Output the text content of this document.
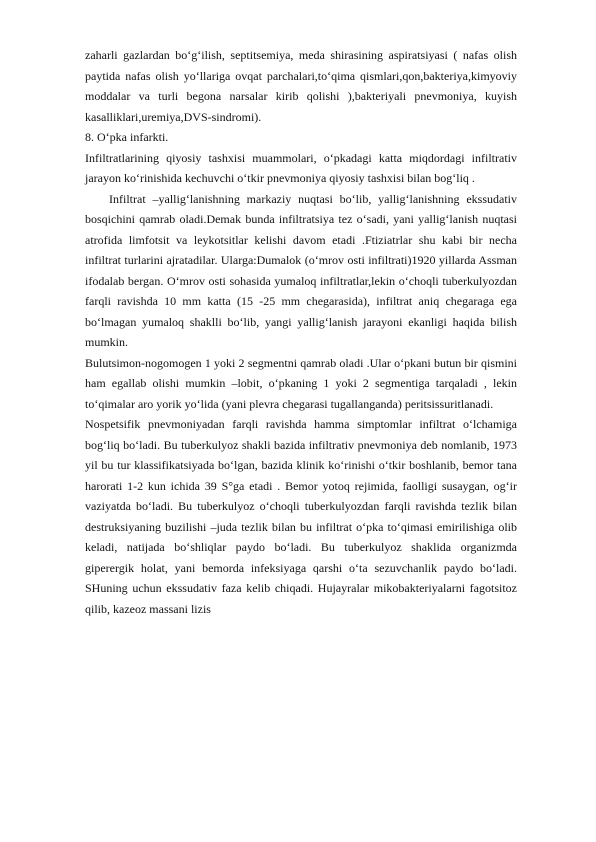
zaharli gazlardan bo‘g‘ilish, septitsemiya, meda shirasining aspiratsiyasi ( nafas olish paytida nafas olish yo‘llariga ovqat parchalari,to‘qima qismlari,qon,bakteriya,kimyoviy moddalar va turli begona narsalar kirib qolishi ),bakteriyali pnevmoniya, kuyish kasalliklari,uremiya,DVS-sindromi).

8. O‘pka infarkti.

Infiltratlarining qiyosiy tashxisi muammolari, o‘pkadagi katta miqdordagi infiltrativ jarayon ko‘rinishida kechuvchi o‘tkir pnevmoniya qiyosiy tashxisi bilan bog‘liq .

Infiltrat –yallig‘lanishning markaziy nuqtasi bo‘lib, yallig‘lanishning ekssudativ bosqichini qamrab oladi.Demak bunda infiltratsiya tez o‘sadi, yani yallig‘lanish nuqtasi atrofida limfotsit va leykotsitlar kelishi davom etadi .Ftiziatrlar shu kabi bir necha infiltrat turlarini ajratadilar. Ularga:Dumalok (o‘mrov osti infiltrati)1920 yillarda Assman ifodalab bergan. O‘mrov osti sohasida yumaloq infiltratlar,lekin o‘choqli tuberkulyozdan farqli ravishda 10 mm katta (15 -25 mm chegarasida), infiltrat aniq chegaraga ega bo‘lmagan yumaloq shaklli bo‘lib, yangi yallig‘lanish jarayoni ekanligi haqida bilish mumkin.

Bulutsimon-nogomogen 1 yoki 2 segmentni qamrab oladi .Ular o‘pkani butun bir qismini ham egallab olishi mumkin –lobit, o‘pkaning 1 yoki 2 segmentiga tarqaladi , lekin to‘qimalar aro yorik yo‘lida (yani plevra chegarasi tugallanganda) peritsissuritlanadi.

Nospetsifik pnevmoniyadan farqli ravishda hamma simptomlar infiltrat o‘lchamiga bog‘liq bo‘ladi. Bu tuberkulyoz shakli bazida infiltrativ pnevmoniya deb nomlanib, 1973 yil bu tur klassifikatsiyada bo‘lgan, bazida klinik ko‘rinishi o‘tkir boshlanib, bemor tana harorati 1-2 kun ichida 39 S°ga etadi . Bemor yotoq rejimida, faolligi susaygan, og‘ir vaziyatda bo‘ladi. Bu tuberkulyoz o‘choqli tuberkulyozdan farqli ravishda tezlik bilan destruksiyaning buzilishi –juda tezlik bilan bu infiltrat o‘pka to‘qimasi emirilishiga olib keladi, natijada bo‘shliqlar paydo bo‘ladi. Bu tuberkulyoz shaklida organizmda giperergik holat, yani bemorda infeksiyaga qarshi o‘ta sezuvchanlik paydo bo‘ladi. SHuning uchun ekssudativ faza kelib chiqadi. Hujayralar mikobakteriyalarni fagotsitoz qilib, kazeoz massani lizis
